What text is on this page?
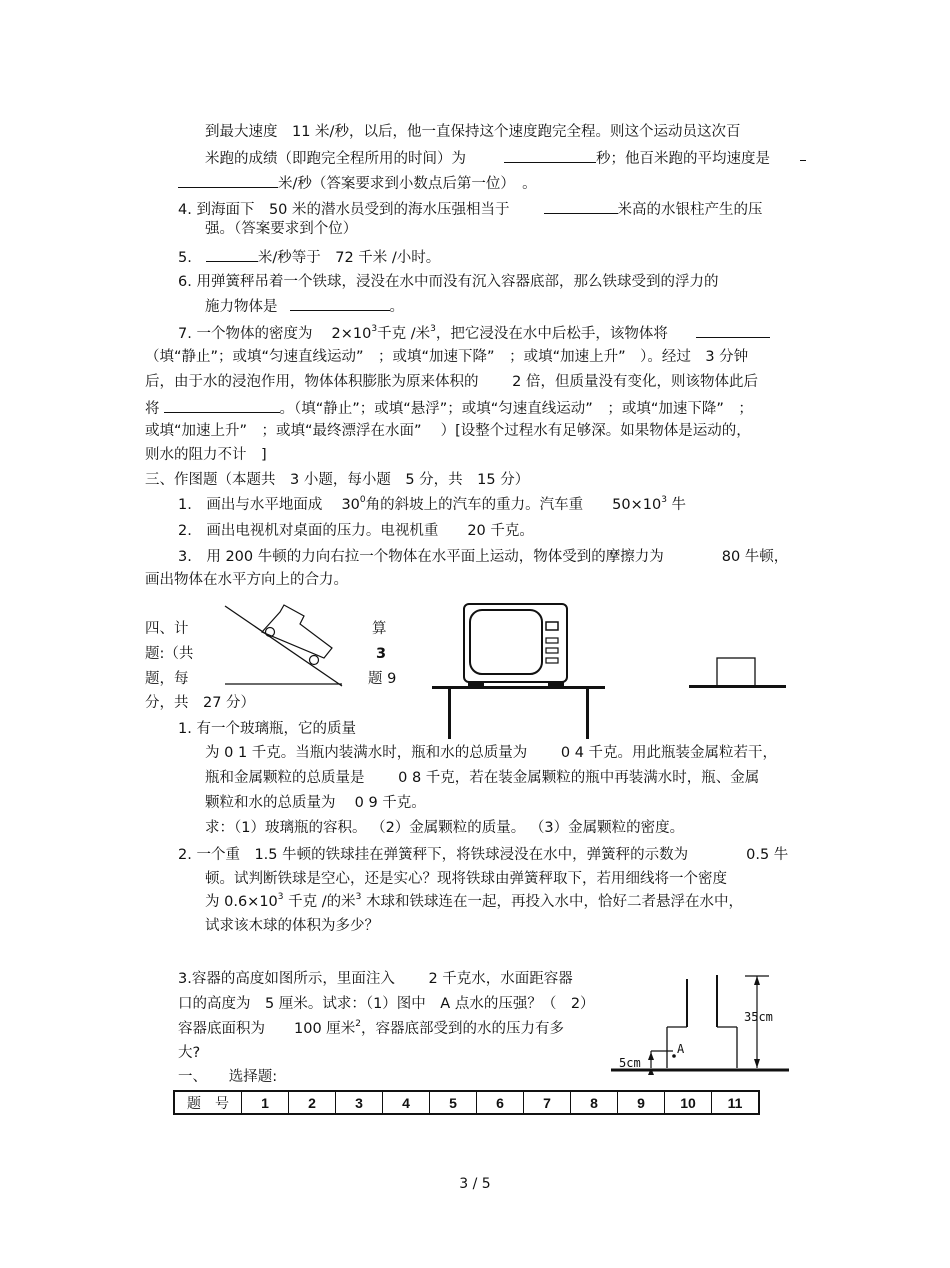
到最大速度　11 米/秒，以后，他一直保持这个速度跑完全程。则这个运动员这次百
米跑的成绩（即跑完全程所用的时间）为	秒；他百米跑的平均速度是
米/秒（答案要求到小数点后第一位）　。
4. 到海面下　50 米的潜水员受到的海水压强相当于	米高的水银柱产生的压
强。（答案要求到个位）
5.	米/秒等于　72 千米 /小时。
6. 用弹簧秤吊着一个铁球，浸没在水中而没有沉入容器底部，那么铁球受到的浮力的
施力物体是	。
7. 一个物体的密度为　 $2\times 10^3$千克 /米$^3$，把它浸没在水中后松手，该物体将
（填“静止”；或填“匀速直线运动”　；或填“加速下降”　；或填“加速上升”　）。经过　3 分钟
后，由于水的浸泡作用，物体体积膨胀为原来体积的　　 2 倍，但质量没有变化，则该物体此后
将	。（填“静止”；或填“悬浮”；或填“匀速直线运动”　；或填“加速下降”　；
或填“加速上升”　；或填“最终漂浮在水面”　 ）[设整个过程水有足够深。如果物体是运动的，
则水的阻力不计　]
三、作图题（本题共　3 小题，每小题　5 分，共　15 分）
1.　画出与水平地面成　 $30^0$角的斜坡上的汽车的重力。汽车重　　$50\times 10^3$ 牛
2.　画出电视机对桌面的压力。电视机重　　20 千克。
3.　用 200 牛顿的力向右拉一个物体在水平面上运动，物体受到的摩擦力为　　　　80 牛顿，
画出物体在水平方向上的合力。
四、计	算
题:（共	3
题，每	题 9
分，共　27 分）
1. 有一个玻璃瓶，它的质量
为 0 1 千克。当瓶内装满水时，瓶和水的总质量为　　 0 4 千克。用此瓶装金属粒若干，
瓶和金属颗粒的总质量是　　 0 8 千克，若在装金属颗粒的瓶中再装满水时，瓶、金属
颗粒和水的总质量为　 0 9 千克。
求：（1）玻璃瓶的容积。 （2）金属颗粒的质量。 （3）金属颗粒的密度。
2. 一个重　1.5 牛顿的铁球挂在弹簧秤下，将铁球浸没在水中，弹簧秤的示数为　　　　0.5 牛
顿。试判断铁球是空心，还是实心？现将铁球由弹簧秤取下，若用细线将一个密度
为 $0.6\times 10^3$ 千克 /的米$^3$ 木球和铁球连在一起，再投入水中，恰好二者悬浮在水中，
试求该木球的体积为多少？
3.容器的高度如图所示，里面注入　　 2 千克水，水面距容器
口的高度为　5 厘米。试求：（1）图中　A 点水的压强？（　2）
容器底面积为　　100 厘米$^2$，容器底部受到的水的压力有多
大?
35cm
5cm
A
一、　　选择题:
题　号	1	2	3	4	5	6	7	8	9	10	11
3 / 5
